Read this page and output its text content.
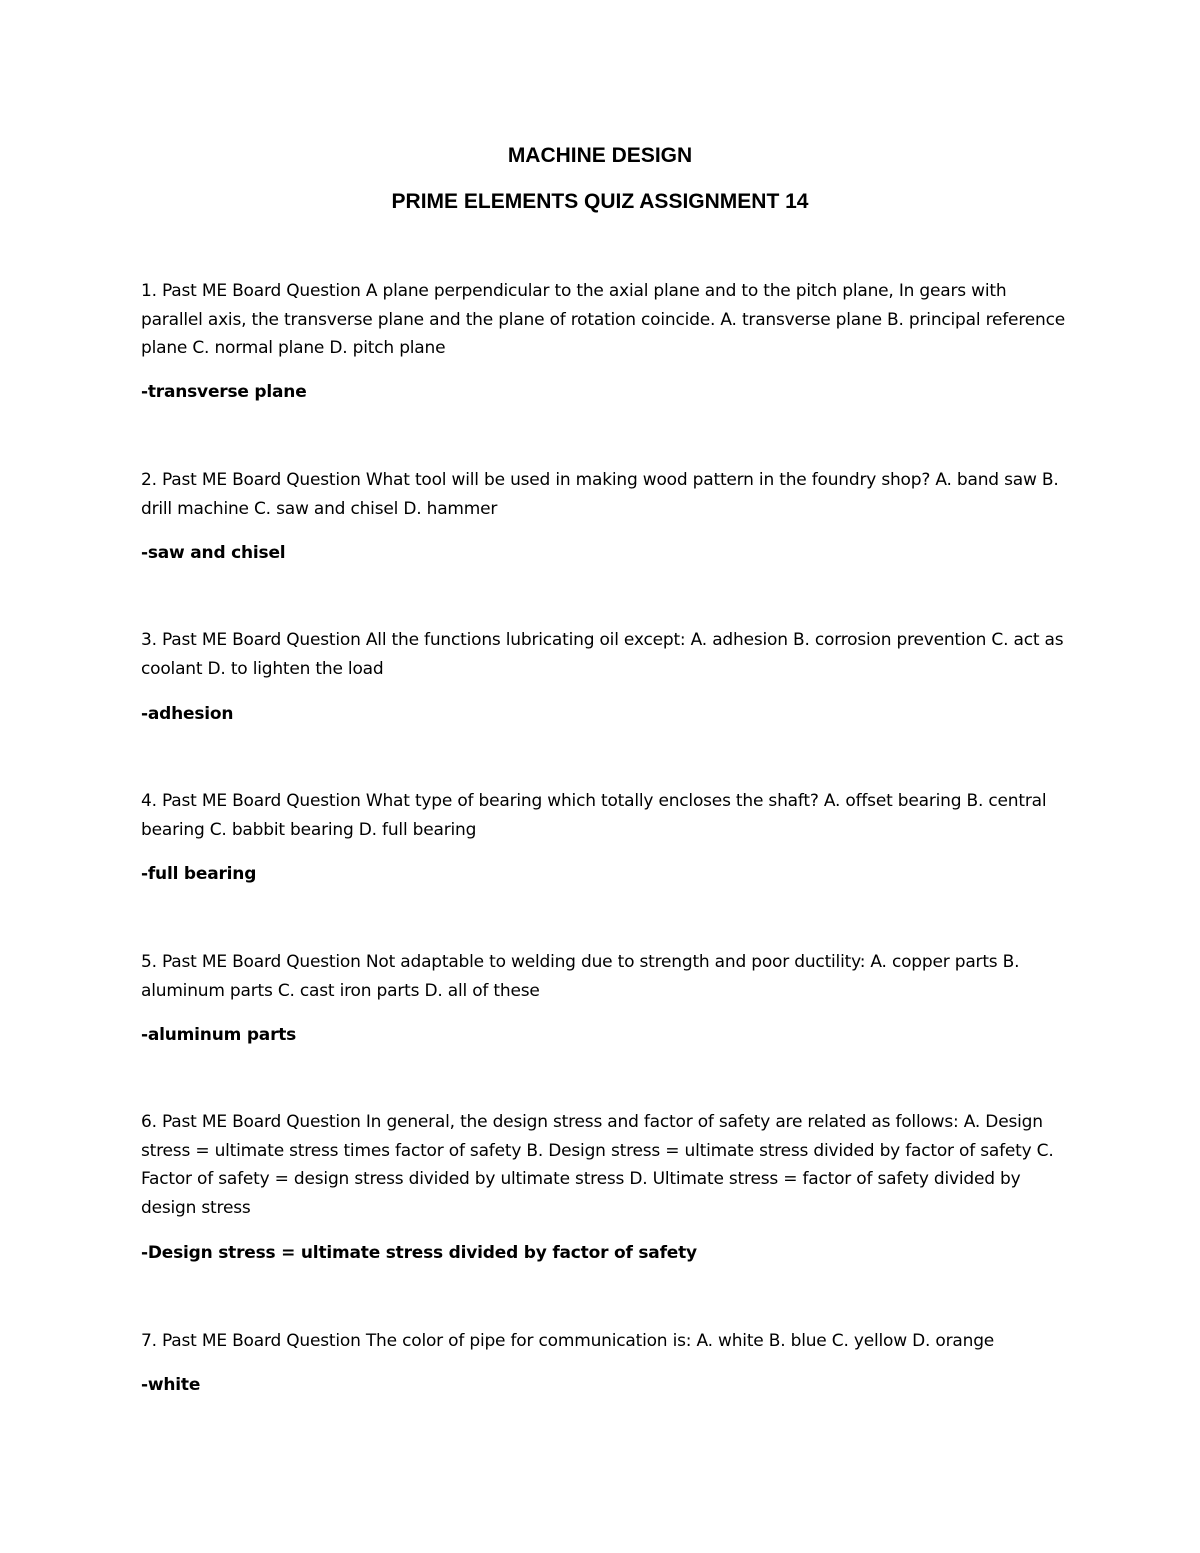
MACHINE DESIGN
PRIME ELEMENTS QUIZ ASSIGNMENT 14

1. Past ME Board Question A plane perpendicular to the axial plane and to the pitch plane, In gears with parallel axis, the transverse plane and the plane of rotation coincide. A. transverse plane B. principal reference plane C. normal plane D. pitch plane

-transverse plane

2. Past ME Board Question What tool will be used in making wood pattern in the foundry shop? A. band saw B. drill machine C. saw and chisel D. hammer

-saw and chisel

3. Past ME Board Question All the functions lubricating oil except: A. adhesion B. corrosion prevention C. act as coolant D. to lighten the load

-adhesion

4. Past ME Board Question What type of bearing which totally encloses the shaft? A. offset bearing B. central bearing C. babbit bearing D. full bearing

-full bearing

5. Past ME Board Question Not adaptable to welding due to strength and poor ductility: A. copper parts B. aluminum parts C. cast iron parts D. all of these

-aluminum parts

6. Past ME Board Question In general, the design stress and factor of safety are related as follows: A. Design stress = ultimate stress times factor of safety B. Design stress = ultimate stress divided by factor of safety C. Factor of safety = design stress divided by ultimate stress D. Ultimate stress = factor of safety divided by design stress

-Design stress = ultimate stress divided by factor of safety

7. Past ME Board Question The color of pipe for communication is: A. white B. blue C. yellow D. orange

-white
